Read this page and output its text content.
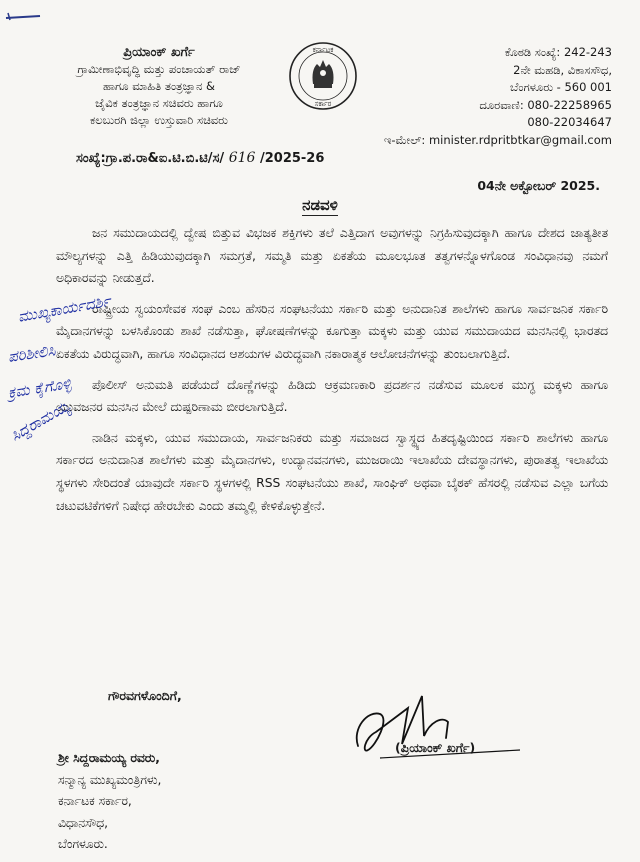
ಪ್ರಿಯಾಂಕ್ ಖರ್ಗೆ
ಗ್ರಾಮೀಣಾಭಿವೃದ್ಧಿ ಮತ್ತು ಪಂಚಾಯತ್ ರಾಜ್
ಹಾಗೂ ಮಾಹಿತಿ ತಂತ್ರಜ್ಞಾನ &
ಜೈವಿಕ ತಂತ್ರಜ್ಞಾನ ಸಚಿವರು ಹಾಗೂ
ಕಲಬುರಗಿ ಜಿಲ್ಲಾ ಉಸ್ತುವಾರಿ ಸಚಿವರು
ಕರ್ನಾಟಕ
ಸರ್ಕಾರ
ಕೊಠಡಿ ಸಂಖ್ಯೆ: 242-243
2ನೇ ಮಹಡಿ, ವಿಕಾಸಸೌಧ,
ಬೆಂಗಳೂರು - 560 001
ದೂರವಾಣಿ: 080-22258965
080-22034647
ಇ-ಮೇಲ್: minister.rdpritbtkar@gmail.com
ಸಂಖ್ಯೆ:ಗ್ರಾ.ಪ.ರಾ&ಐ.ಟಿ.ಬಿ.ಟಿ/ಸ/ 616 /2025-26
04ನೇ ಅಕ್ಟೋಬರ್ 2025.
ನಡವಳಿ

ಜನ ಸಮುದಾಯದಲ್ಲಿ ದ್ವೇಷ ಬಿತ್ತುವ ವಿಭಜಕ ಶಕ್ತಿಗಳು ತಲೆ ಎತ್ತಿದಾಗ ಅವುಗಳನ್ನು ನಿಗ್ರಹಿಸುವುದಕ್ಕಾಗಿ ಹಾಗೂ ದೇಶದ ಜಾತ್ಯತೀತ ಮೌಲ್ಯಗಳನ್ನು ಎತ್ತಿ ಹಿಡಿಯುವುದಕ್ಕಾಗಿ ಸಮಗ್ರತೆ, ಸಮ್ಮತಿ ಮತ್ತು ಏಕತೆಯ ಮೂಲಭೂತ ತತ್ವಗಳನ್ನೊಳಗೊಂಡ ಸಂವಿಧಾನವು ನಮಗೆ ಅಧಿಕಾರವನ್ನು ನೀಡುತ್ತದೆ.

ರಾಷ್ಟ್ರೀಯ ಸ್ವಯಂಸೇವಕ ಸಂಘ ಎಂಬ ಹೆಸರಿನ ಸಂಘಟನೆಯು ಸರ್ಕಾರಿ ಮತ್ತು ಅನುದಾನಿತ ಶಾಲೆಗಳು ಹಾಗೂ ಸಾರ್ವಜನಿಕ ಸರ್ಕಾರಿ ಮೈದಾನಗಳನ್ನು ಬಳಸಿಕೊಂಡು ಶಾಖೆ ನಡೆಸುತ್ತಾ, ಘೋಷಣೆಗಳನ್ನು ಕೂಗುತ್ತಾ ಮಕ್ಕಳು ಮತ್ತು ಯುವ ಸಮುದಾಯದ ಮನಸಿನಲ್ಲಿ ಭಾರತದ ಏಕತೆಯ ವಿರುದ್ಧವಾಗಿ, ಹಾಗೂ ಸಂವಿಧಾನದ ಆಶಯಗಳ ವಿರುದ್ಧವಾಗಿ ನಕಾರಾತ್ಮಕ ಆಲೋಚನೆಗಳನ್ನು ತುಂಬಲಾಗುತ್ತಿದೆ.

ಪೊಲೀಸ್ ಅನುಮತಿ ಪಡೆಯದೆ ದೊಣ್ಣೆಗಳನ್ನು ಹಿಡಿದು ಆಕ್ರಮಣಕಾರಿ ಪ್ರದರ್ಶನ ನಡೆಸುವ ಮೂಲಕ ಮುಗ್ಧ ಮಕ್ಕಳು ಹಾಗೂ ಯುವಜನರ ಮನಸಿನ ಮೇಲೆ ದುಷ್ಪರಿಣಾಮ ಬೀರಲಾಗುತ್ತಿದೆ.

ನಾಡಿನ ಮಕ್ಕಳು, ಯುವ ಸಮುದಾಯ, ಸಾರ್ವಜನಿಕರು ಮತ್ತು ಸಮಾಜದ ಸ್ವಾಸ್ಥ್ಯದ ಹಿತದೃಷ್ಟಿಯಿಂದ ಸರ್ಕಾರಿ ಶಾಲೆಗಳು ಹಾಗೂ ಸರ್ಕಾರದ ಅನುದಾನಿತ ಶಾಲೆಗಳು ಮತ್ತು ಮೈದಾನಗಳು, ಉದ್ಯಾನವನಗಳು, ಮುಜರಾಯಿ ಇಲಾಖೆಯ ದೇವಸ್ಥಾನಗಳು, ಪುರಾತತ್ವ ಇಲಾಖೆಯ ಸ್ಥಳಗಳು ಸೇರಿದಂತೆ ಯಾವುದೇ ಸರ್ಕಾರಿ ಸ್ಥಳಗಳಲ್ಲಿ RSS ಸಂಘಟನೆಯು ಶಾಖೆ, ಸಾಂಘಿಕ್ ಅಥವಾ ಬೈಠಕ್ ಹೆಸರಲ್ಲಿ ನಡೆಸುವ ಎಲ್ಲಾ ಬಗೆಯ ಚಟುವಟಿಕೆಗಳಿಗೆ ನಿಷೇಧ ಹೇರಬೇಕು ಎಂದು ತಮ್ಮಲ್ಲಿ ಕೇಳಿಕೊಳ್ಳುತ್ತೇನೆ.

ಮುಖ್ಯಕಾರ್ಯದರ್ಶಿ
ಪರಿಶೀಲಿಸಿ
ಕ್ರಮ ಕೈಗೊಳ್ಳಿ
ಸಿದ್ದರಾಮಯ್ಯ
ಗೌರವಗಳೊಂದಿಗೆ,
(ಪ್ರಿಯಾಂಕ್ ಖರ್ಗೆ)
ಶ್ರೀ ಸಿದ್ದರಾಮಯ್ಯ ರವರು,
ಸನ್ಮಾನ್ಯ ಮುಖ್ಯಮಂತ್ರಿಗಳು,
ಕರ್ನಾಟಕ ಸರ್ಕಾರ,
ವಿಧಾನಸೌಧ,
ಬೆಂಗಳೂರು.
